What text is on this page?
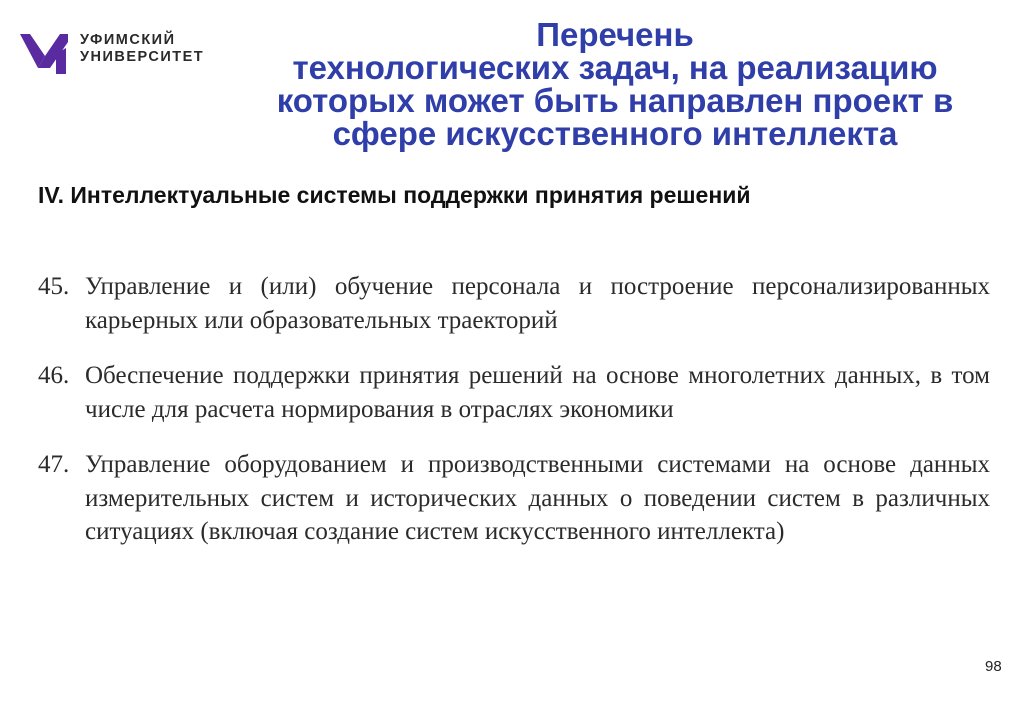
УФИМСКИЙ
УНИВЕРСИТЕТ
Перечень
технологических задач, на реализацию
которых может быть направлен проект в
сфере искусственного интеллекта
IV. Интеллектуальные системы поддержки принятия решений
45. Управление и (или) обучение персонала и построение персонализированных карьерных или образовательных траекторий
46. Обеспечение поддержки принятия решений на основе многолетних данных, в том числе для расчета нормирования в отраслях экономики
47. Управление оборудованием и производственными системами на основе данных измерительных систем и исторических данных о поведении систем в различных ситуациях (включая создание систем искусственного интеллекта)
98
